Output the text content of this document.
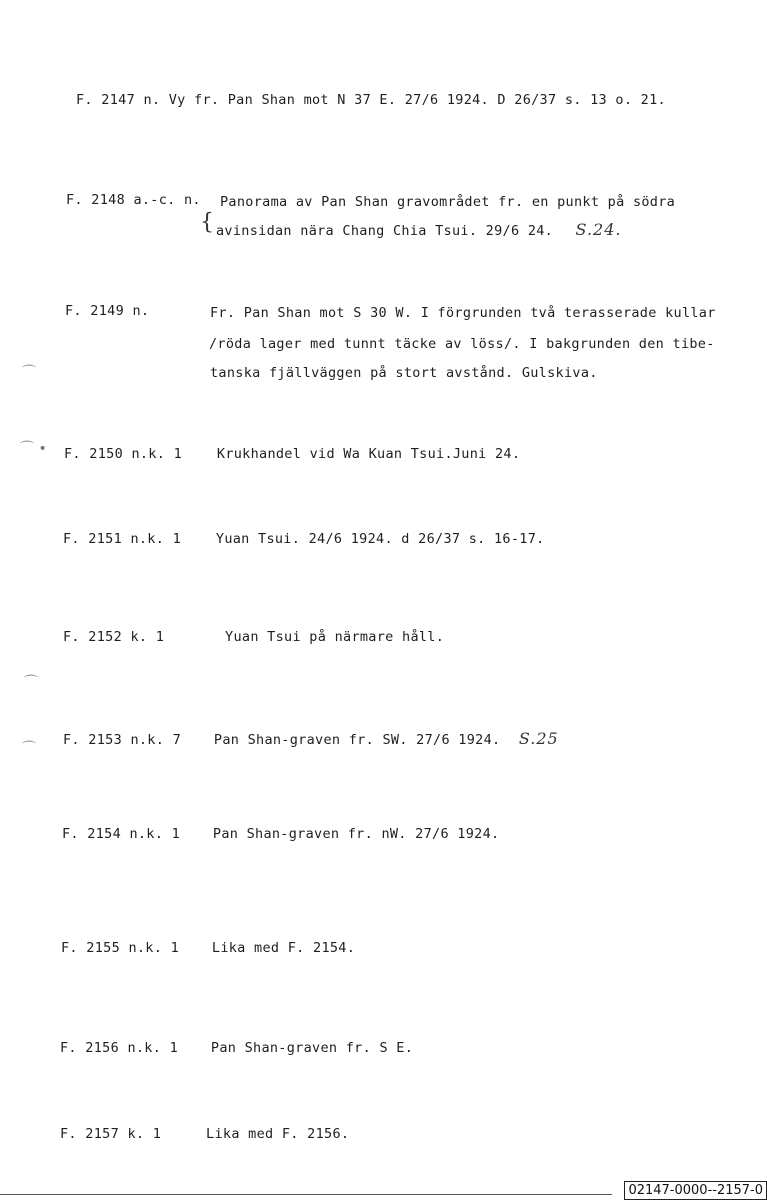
F. 2147 n. Vy fr. Pan Shan mot N 37 E. 27/6 1924. D 26/37 s. 13 o. 21.
F. 2148 a.-c. n. Panorama av Pan Shan gravområdet fr. en punkt på södra
{ avinsidan nära Chang Chia Tsui. 29/6 24. S.24.
F. 2149 n.	Fr. Pan Shan mot S 30 W. I förgrunden två terasserade kullar
/röda lager med tunnt täcke av löss/. I bakgrunden den tibe-
tanska fjällväggen på stort avstånd. Gulskiva.
⌒
⌒ • F. 2150 n.k. 1	Krukhandel vid Wa Kuan Tsui.Juni 24.
F. 2151 n.k. 1	Yuan Tsui. 24/6 1924. d 26/37 s. 16-17.
F. 2152 k. 1	Yuan Tsui på närmare håll.
⌒
⌒
F. 2153 n.k. 7 Pan Shan-graven fr. SW. 27/6 1924. S.25
F. 2154 n.k. 1 Pan Shan-graven fr. nW. 27/6 1924.
F. 2155 n.k. 1 Lika med F. 2154.
F. 2156 n.k. 1 Pan Shan-graven fr. S E.
F. 2157 k. 1	Lika med F. 2156.
02147-0000--2157-0
